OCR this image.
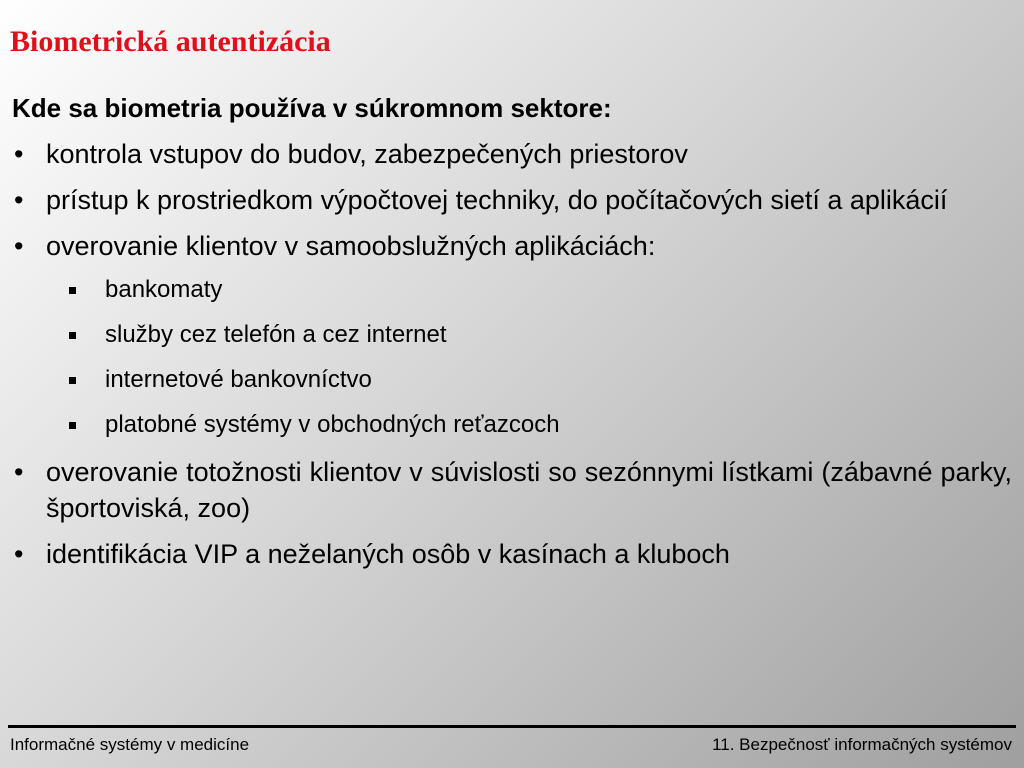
Biometrická autentizácia
Kde sa biometria používa v súkromnom sektore:
• kontrola vstupov do budov, zabezpečených priestorov
• prístup k prostriedkom výpočtovej techniky, do počítačových sietí a aplikácií
• overovanie klientov v samoobslužných aplikáciách:
bankomaty
služby cez telefón a cez internet
internetové bankovníctvo
platobné systémy v obchodných reťazcoch
• overovanie totožnosti klientov v súvislosti so sezónnymi lístkami (zábavné parky, športoviská, zoo)
• identifikácia VIP a neželaných osôb v kasínach a kluboch
Informačné systémy v medicíne	11. Bezpečnosť informačných systémov
